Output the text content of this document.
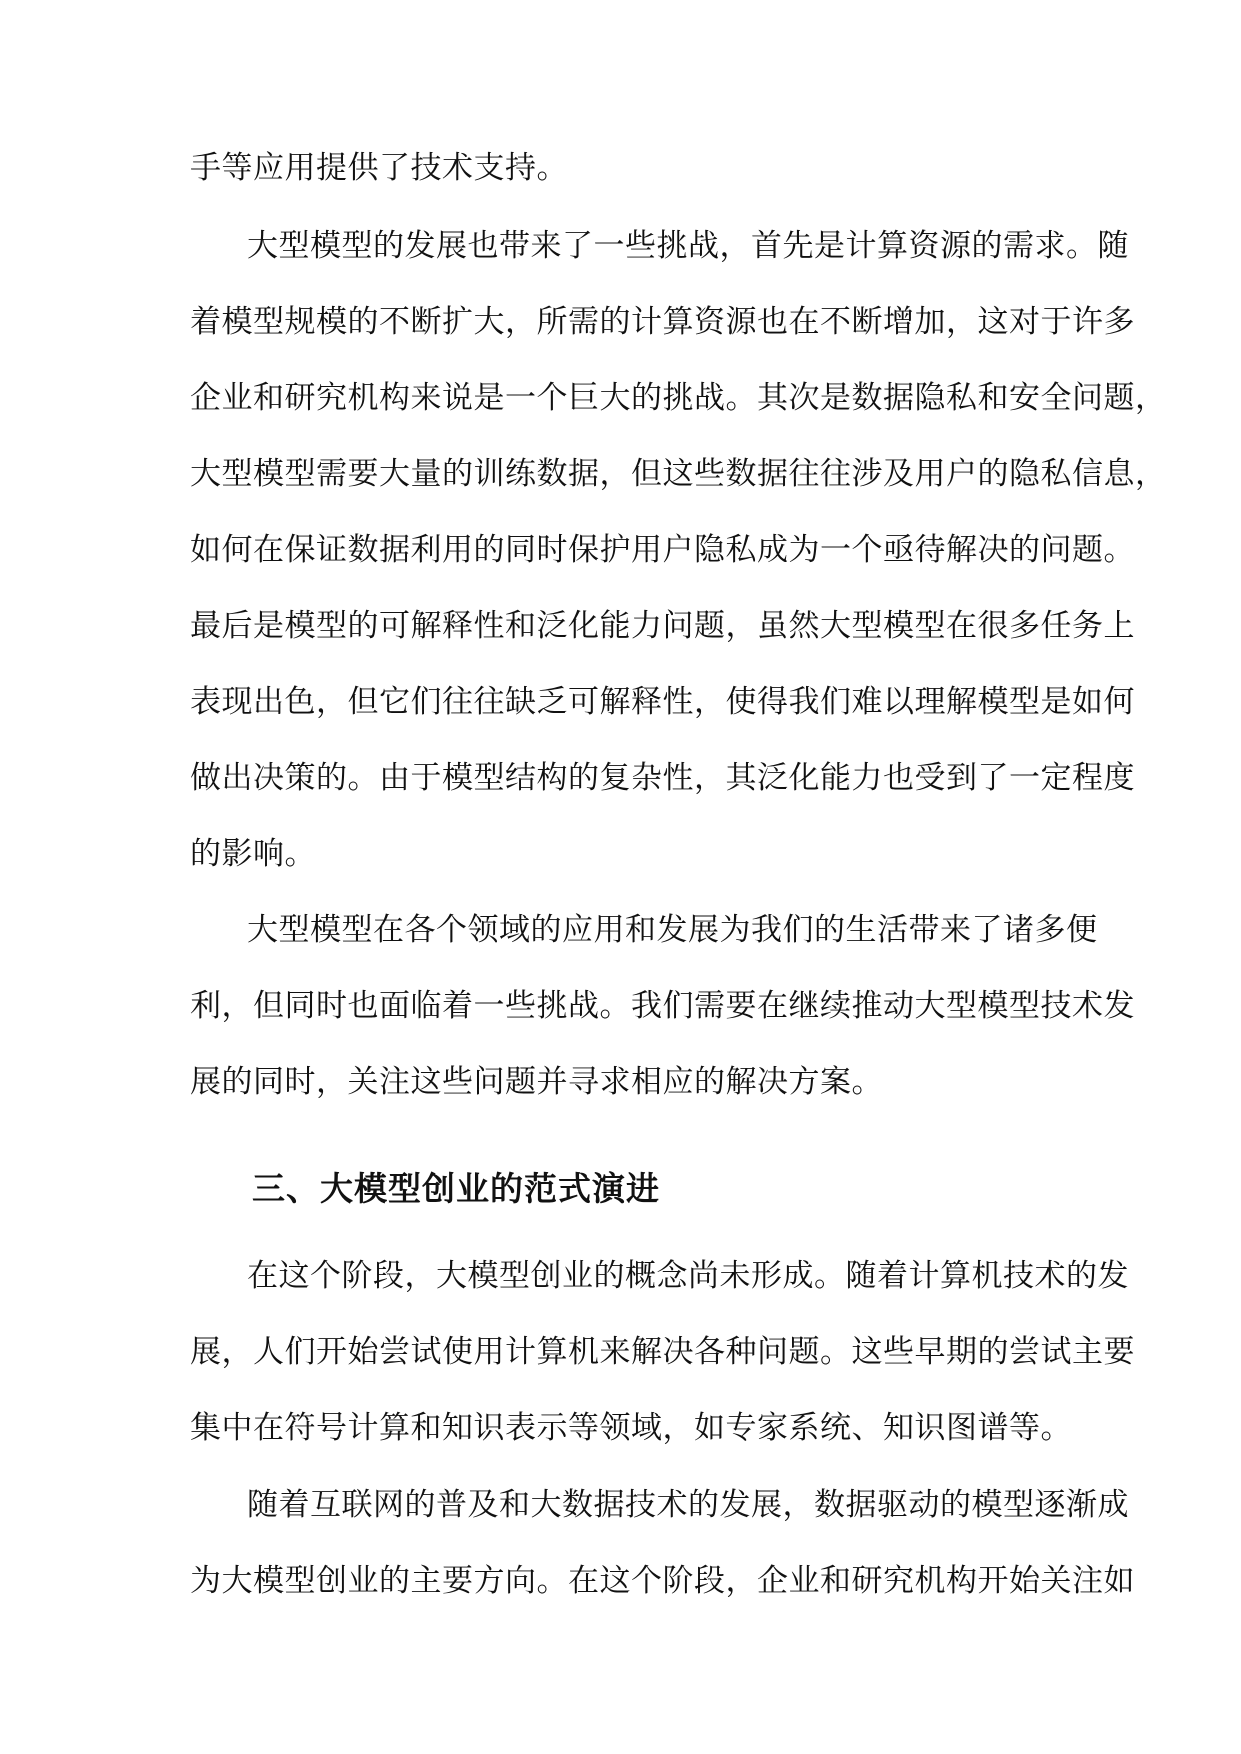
手等应用提供了技术支持。
大型模型的发展也带来了一些挑战，首先是计算资源的需求。随
着模型规模的不断扩大，所需的计算资源也在不断增加，这对于许多
企业和研究机构来说是一个巨大的挑战。其次是数据隐私和安全问题，
大型模型需要大量的训练数据，但这些数据往往涉及用户的隐私信息，
如何在保证数据利用的同时保护用户隐私成为一个亟待解决的问题。
最后是模型的可解释性和泛化能力问题，虽然大型模型在很多任务上
表现出色，但它们往往缺乏可解释性，使得我们难以理解模型是如何
做出决策的。由于模型结构的复杂性，其泛化能力也受到了一定程度
的影响。
大型模型在各个领域的应用和发展为我们的生活带来了诸多便
利，但同时也面临着一些挑战。我们需要在继续推动大型模型技术发
展的同时，关注这些问题并寻求相应的解决方案。
三、大模型创业的范式演进
在这个阶段，大模型创业的概念尚未形成。随着计算机技术的发
展，人们开始尝试使用计算机来解决各种问题。这些早期的尝试主要
集中在符号计算和知识表示等领域，如专家系统、知识图谱等。
随着互联网的普及和大数据技术的发展，数据驱动的模型逐渐成
为大模型创业的主要方向。在这个阶段，企业和研究机构开始关注如
